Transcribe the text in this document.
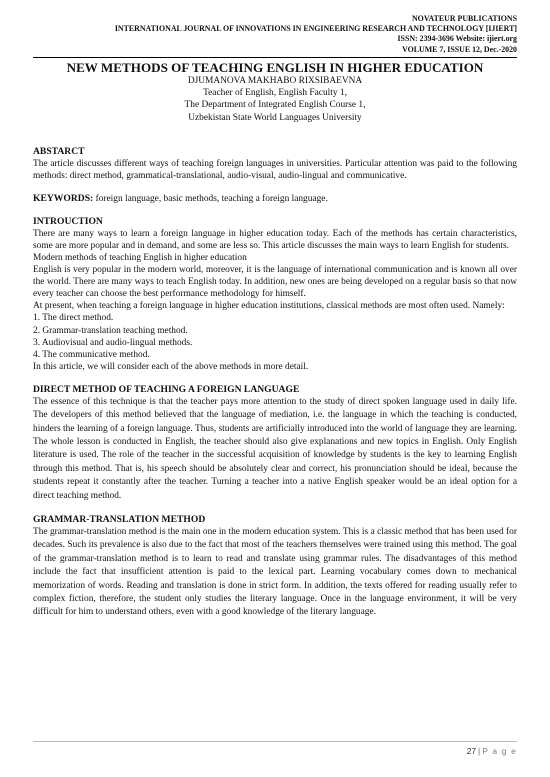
NOVATEUR PUBLICATIONS
INTERNATIONAL JOURNAL OF INNOVATIONS IN ENGINEERING RESEARCH AND TECHNOLOGY [IJIERT]
ISSN: 2394-3696 Website: ijiert.org
VOLUME 7, ISSUE 12, Dec.-2020
NEW METHODS OF TEACHING ENGLISH IN HIGHER EDUCATION
DJUMANOVA MAKHABO RIXSIBAEVNA
Teacher of English, English Faculty 1,
The Department of Integrated English Course 1,
Uzbekistan State World Languages University
ABSTARCT

The article discusses different ways of teaching foreign languages in universities. Particular attention was paid to the following methods: direct method, grammatical-translational, audio-visual, audio-lingual and communicative.

KEYWORDS: foreign language, basic methods, teaching a foreign language.

INTROUCTION

There are many ways to learn a foreign language in higher education today. Each of the methods has certain characteristics, some are more popular and in demand, and some are less so. This article discusses the main ways to learn English for students.

Modern methods of teaching English in higher education

English is very popular in the modern world, moreover, it is the language of international communication and is known all over the world. There are many ways to teach English today. In addition, new ones are being developed on a regular basis so that now every teacher can choose the best performance methodology for himself.

At present, when teaching a foreign language in higher education institutions, classical methods are most often used. Namely:

1. The direct method.

2. Grammar-translation teaching method.

3. Audiovisual and audio-lingual methods.

4. The communicative method.

In this article, we will consider each of the above methods in more detail.

DIRECT METHOD OF TEACHING A FOREIGN LANGUAGE

The essence of this technique is that the teacher pays more attention to the study of direct spoken language used in daily life. The developers of this method believed that the language of mediation, i.e. the language in which the teaching is conducted, hinders the learning of a foreign language. Thus, students are artificially introduced into the world of language they are learning. The whole lesson is conducted in English, the teacher should also give explanations and new topics in English. Only English literature is used. The role of the teacher in the successful acquisition of knowledge by students is the key to learning English through this method. That is, his speech should be absolutely clear and correct, his pronunciation should be ideal, because the students repeat it constantly after the teacher. Turning a teacher into a native English speaker would be an ideal option for a direct teaching method.

GRAMMAR-TRANSLATION METHOD

The grammar-translation method is the main one in the modern education system. This is a classic method that has been used for decades. Such its prevalence is also due to the fact that most of the teachers themselves were trained using this method. The goal of the grammar-translation method is to learn to read and translate using grammar rules. The disadvantages of this method include the fact that insufficient attention is paid to the lexical part. Learning vocabulary comes down to mechanical memorization of words. Reading and translation is done in strict form. In addition, the texts offered for reading usually refer to complex fiction, therefore, the student only studies the literary language. Once in the language environment, it will be very difficult for him to understand others, even with a good knowledge of the literary language.

27 | P a g e
